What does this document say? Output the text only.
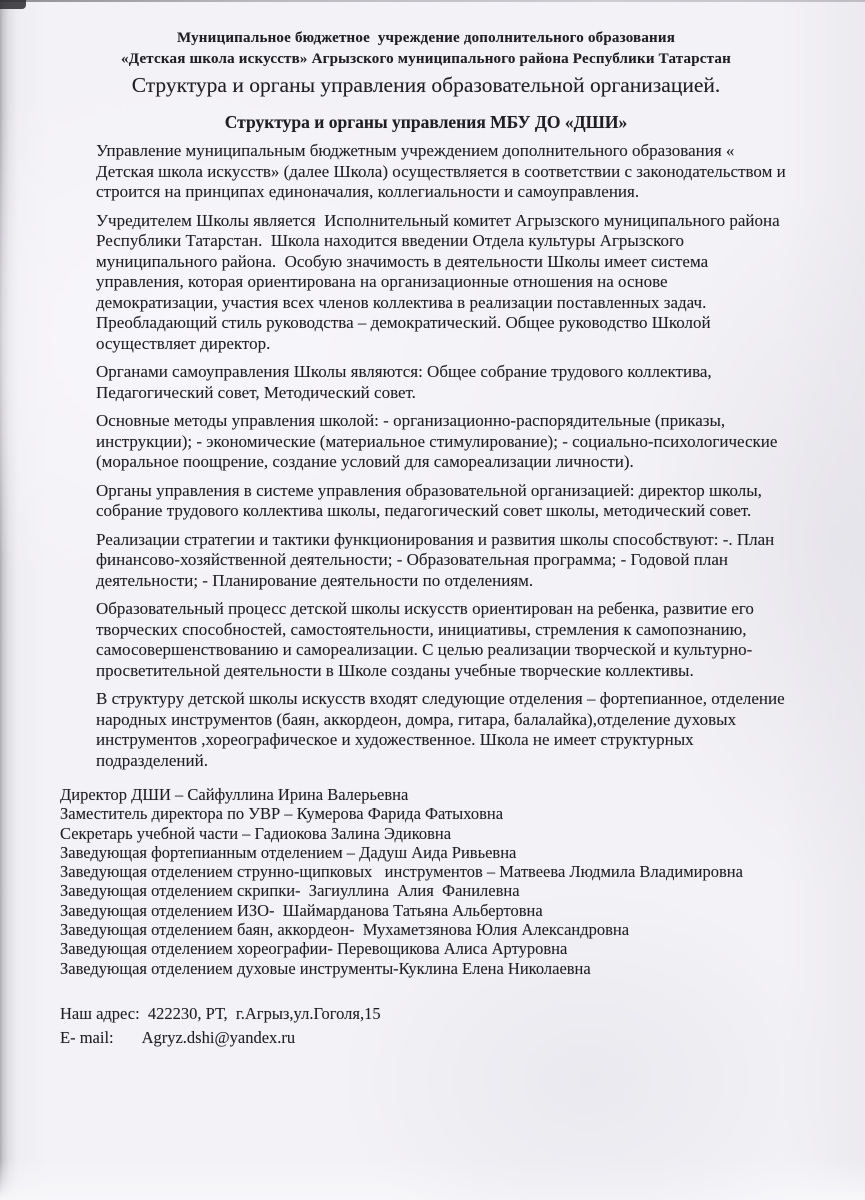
Муниципальное бюджетное  учреждение дополнительного образования
«Детская школа искусств» Агрызского муниципального района Республики Татарстан
Структура и органы управления образовательной организацией.
Структура и органы управления МБУ ДО «ДШИ»

Управление муниципальным бюджетным учреждением дополнительного образования « Детская школа искусств» (далее Школа) осуществляется в соответствии с законодательством и строится на принципах единоначалия, коллегиальности и самоуправления.

Учредителем Школы является  Исполнительный комитет Агрызского муниципального района Республики Татарстан.  Школа находится введении Отдела культуры Агрызского муниципального района.  Особую значимость в деятельности Школы имеет система управления, которая ориентирована на организационные отношения на основе демократизации, участия всех членов коллектива в реализации поставленных задач. Преобладающий стиль руководства – демократический. Общее руководство Школой осуществляет директор.

Органами самоуправления Школы являются: Общее собрание трудового коллектива, Педагогический совет, Методический совет.

Основные методы управления школой: - организационно-распорядительные (приказы, инструкции); - экономические (материальное стимулирование); - социально-психологические (моральное поощрение, создание условий для самореализации личности).

Органы управления в системе управления образовательной организацией: директор школы, собрание трудового коллектива школы, педагогический совет школы, методический совет.

Реализации стратегии и тактики функционирования и развития школы способствуют: -. План финансово-хозяйственной деятельности; - Образовательная программа; - Годовой план деятельности; - Планирование деятельности по отделениям.

Образовательный процесс детской школы искусств ориентирован на ребенка, развитие его творческих способностей, самостоятельности, инициативы, стремления к самопознанию, самосовершенствованию и самореализации. С целью реализации творческой и культурно-просветительной деятельности в Школе созданы учебные творческие коллективы.

В структуру детской школы искусств входят следующие отделения – фортепианное, отделение народных инструментов (баян, аккордеон, домра, гитара, балалайка),отделение духовых инструментов ,хореографическое и художественное. Школа не имеет структурных подразделений.

Директор ДШИ – Сайфуллина Ирина Валерьевна
Заместитель директора по УВР – Кумерова Фарида Фатыховна
Секретарь учебной части – Гадиокова Залина Эдиковна
Заведующая фортепианным отделением – Дадуш Аида Ривьевна
Заведующая отделением струнно-щипковых   инструментов – Матвеева Людмила Владимировна
Заведующая отделением скрипки-  Загиуллина  Алия  Фанилевна
Заведующая отделением ИЗО-  Шаймарданова Татьяна Альбертовна
Заведующая отделением баян, аккордеон-  Мухаметзянова Юлия Александровна
Заведующая отделением хореографии- Перевощикова Алиса Артуровна
Заведующая отделением духовые инструменты-Куклина Елена Николаевна
Наш адрес:  422230, РТ,  г.Агрыз,ул.Гоголя,15
E- mail:       Agryz.dshi@yandex.ru
